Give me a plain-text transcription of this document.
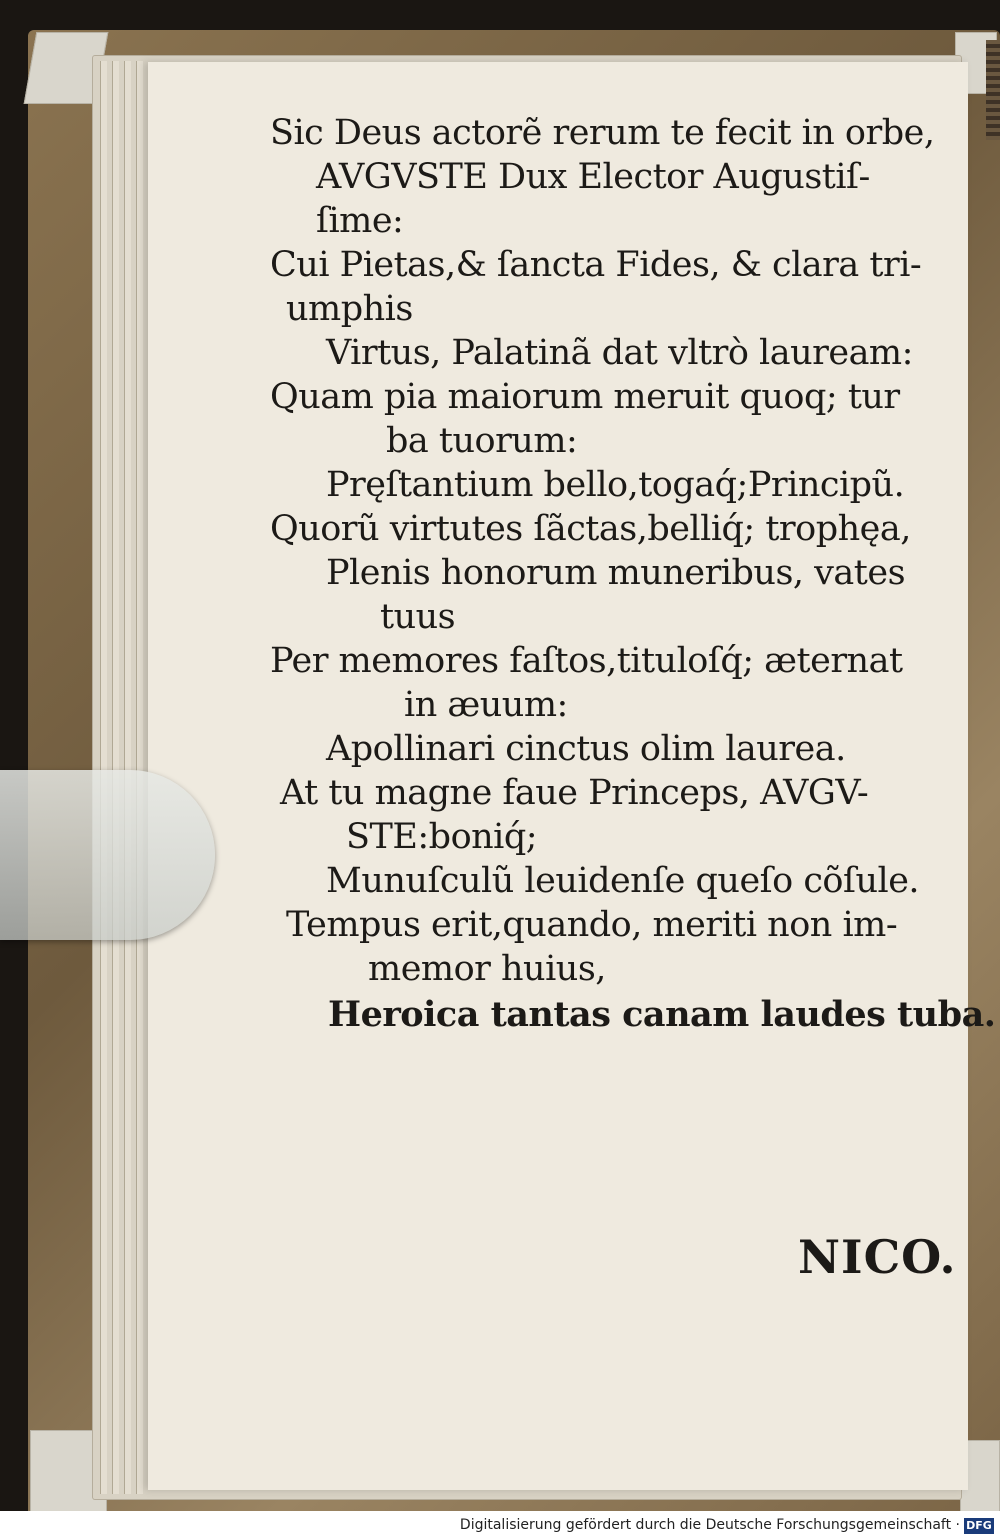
Sic Deus actorẽ rerum te fecit in orbe,
AVGVSTE Dux Elector Augustiſ-
ſime:
Cui Pietas,& ſancta Fides, & clara tri-
umphis
Virtus, Palatinã dat vltrò lauream:
Quam pia maiorum meruit quoq; tur
ba tuorum:
Pręſtantium bello,togaq́;Principũ.
Quorũ virtutes ſãctas,belliq́; trophęa,
Plenis honorum muneribus, vates
tuus
Per memores faſtos,tituloſq́; æternat
in æuum:
Apollinari cinctus olim laurea.
At tu magne faue Princeps, AVGV-
STE:boniq́;
Munuſculũ leuidenſe queſo cõſule.
Tempus erit,quando, meriti non im-
memor huius,
Heroica tantas canam laudes tuba.
NICO.
Digitalisierung gefördert durch die Deutsche Forschungsgemeinschaft · DFG
